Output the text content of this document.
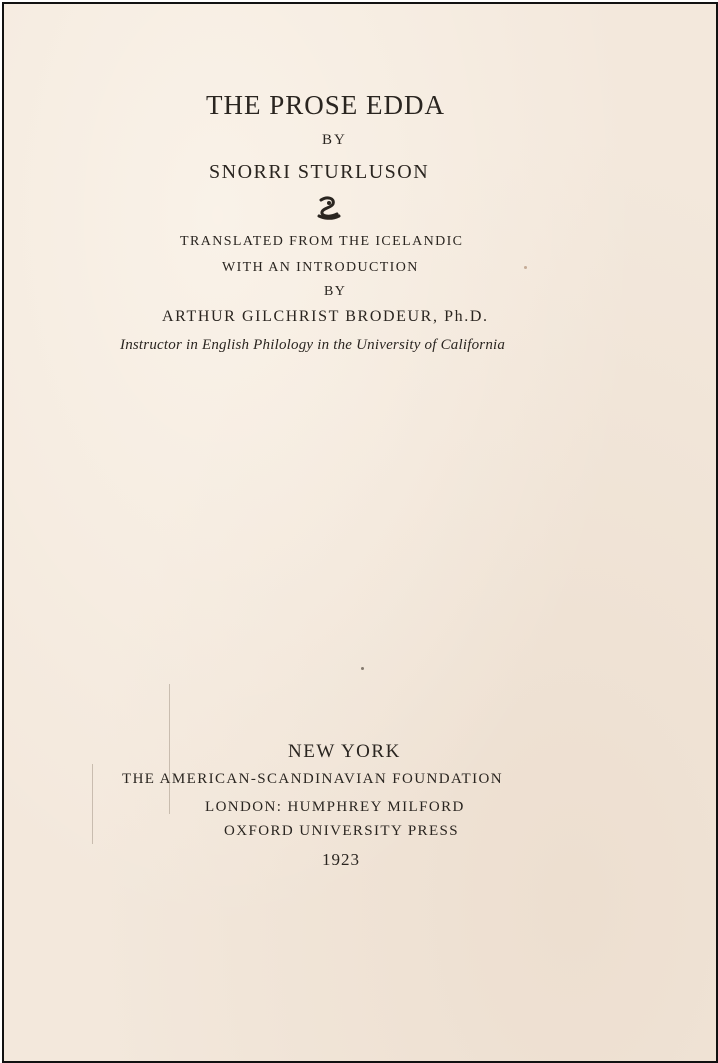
THE PROSE EDDA
BY
SNORRI STURLUSON
TRANSLATED FROM THE ICELANDIC
WITH AN INTRODUCTION
BY
ARTHUR GILCHRIST BRODEUR, Ph.D.
Instructor in English Philology in the University of California
NEW YORK
THE AMERICAN-SCANDINAVIAN FOUNDATION
LONDON: HUMPHREY MILFORD
OXFORD UNIVERSITY PRESS
1923
